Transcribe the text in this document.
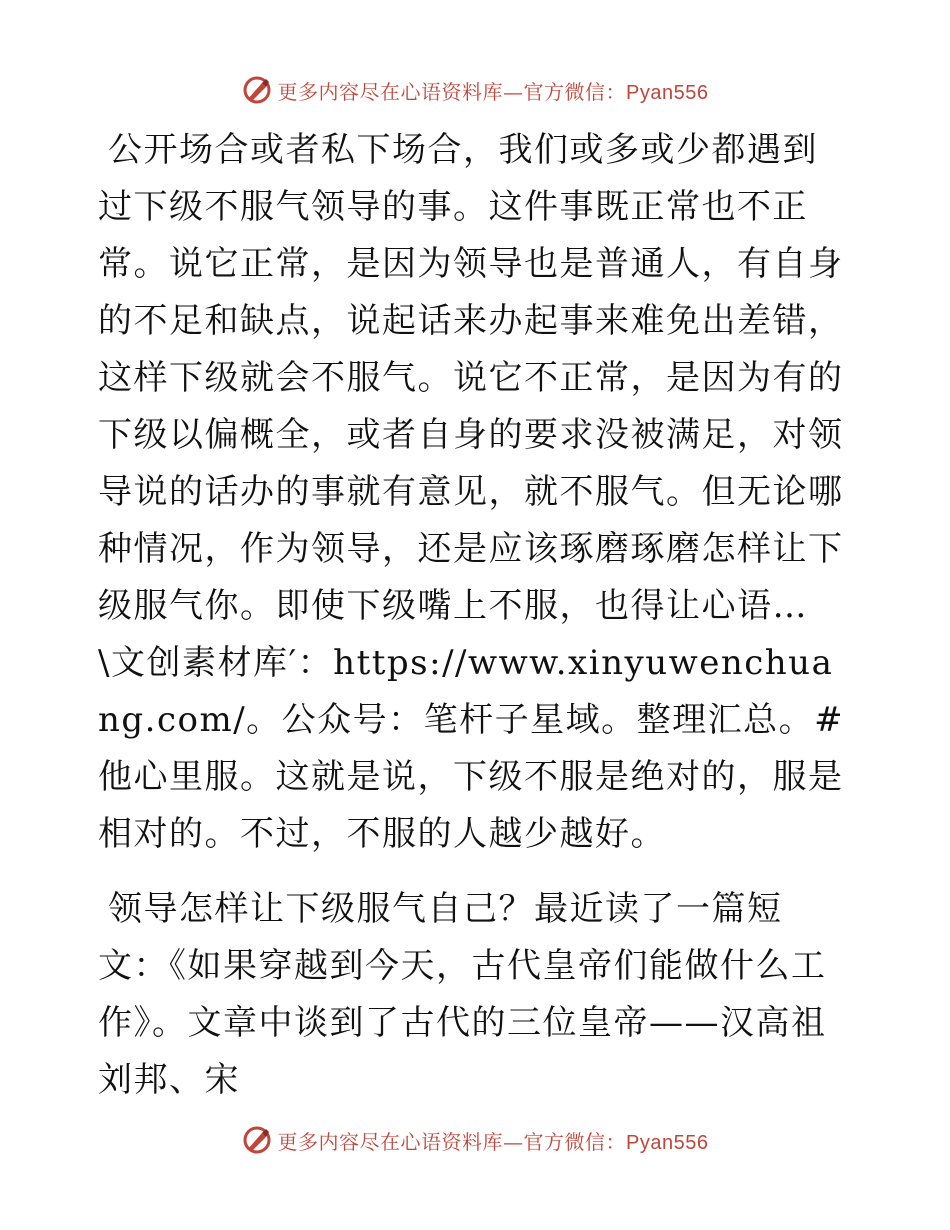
更多内容尽在心语资料库—官方微信：Pyan556

公开场合或者私下场合，我们或多或少都遇到过下级不服气领导的事。这件事既正常也不正常。说它正常，是因为领导也是普通人，有自身的不足和缺点，说起话来办起事来难免出差错，这样下级就会不服气。说它不正常，是因为有的下级以偏概全，或者自身的要求没被满足，对领导说的话办的事就有意见，就不服气。但无论哪种情况，作为领导，还是应该琢磨琢磨怎样让下级服气你。即使下级嘴上不服，也得让心语…\文创素材库′：https://www.xinyuwenchuang.com/。公众号：笔杆子星域。整理汇总。#他心里服。这就是说，下级不服是绝对的，服是相对的。不过，不服的人越少越好。

领导怎样让下级服气自己？最近读了一篇短文：《如果穿越到今天，古代皇帝们能做什么工作》。文章中谈到了古代的三位皇帝——汉高祖刘邦、宋

更多内容尽在心语资料库—官方微信：Pyan556
